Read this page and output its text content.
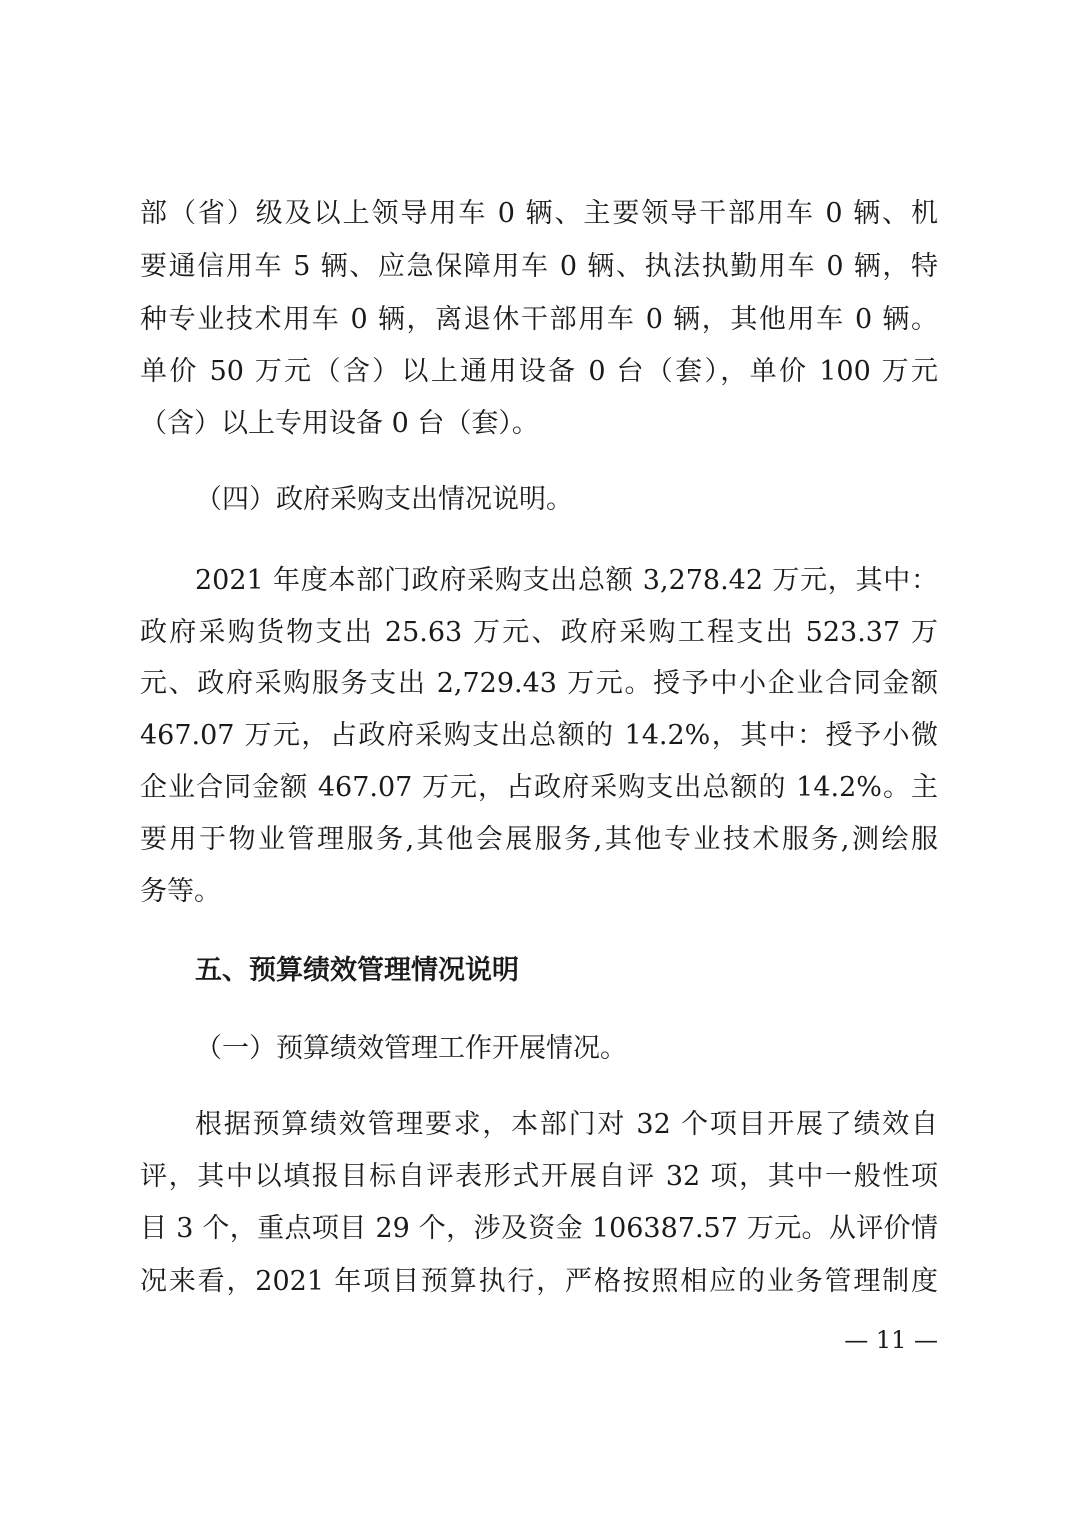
部（省）级及以上领导用车 0 辆、主要领导干部用车 0 辆、机
要通信用车 5 辆、应急保障用车 0 辆、执法执勤用车 0 辆，特
种专业技术用车 0 辆，离退休干部用车 0 辆，其他用车 0 辆。
单价 50 万元（含）以上通用设备 0 台（套），单价 100 万元
（含）以上专用设备 0 台（套）。
（四）政府采购支出情况说明。
2021 年度本部门政府采购支出总额 3,278.42 万元，其中：
政府采购货物支出 25.63 万元、政府采购工程支出 523.37 万
元、政府采购服务支出 2,729.43 万元。授予中小企业合同金额
467.07 万元，占政府采购支出总额的 14.2%，其中：授予小微
企业合同金额 467.07 万元，占政府采购支出总额的 14.2%。主
要用于物业管理服务,其他会展服务,其他专业技术服务,测绘服
务等。
五、预算绩效管理情况说明
（一）预算绩效管理工作开展情况。
根据预算绩效管理要求，本部门对 32 个项目开展了绩效自
评，其中以填报目标自评表形式开展自评 32 项，其中一般性项
目 3 个，重点项目 29 个，涉及资金 106387.57 万元。从评价情
况来看，2021 年项目预算执行，严格按照相应的业务管理制度
— 11 —
